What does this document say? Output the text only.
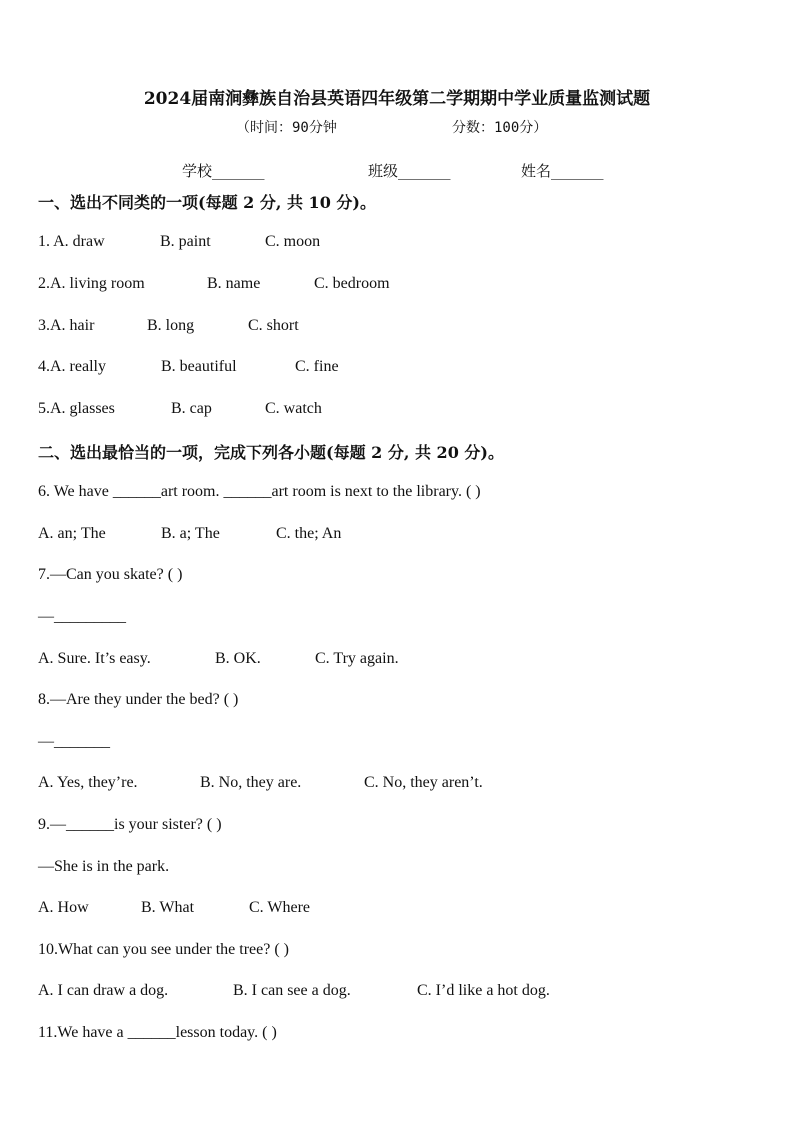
2024届南涧彝族自治县英语四年级第二学期期中学业质量监测试题
（时间：90分钟	分数：100分）
学校_______	班级_______	姓名_______
一、选出不同类的一项(每题 2 分, 共 10 分)。
1. A. draw	B. paint	C. moon
2.A. living room	B. name	C. bedroom
3.A. hair	B. long	C. short
4.A. really	B. beautiful	C. fine
5.A. glasses	B. cap	C. watch
二、选出最恰当的一项，完成下列各小题(每题 2 分, 共 20 分)。
6. We have ______art room. ______art room is next to the library. ( )
A. an; The	B. a; The	C. the; An
7.—Can you skate? ( )
—_________
A. Sure. It’s easy.	B. OK.	C. Try again.
8.—Are they under the bed? ( )
—_______
A. Yes, they’re.	B. No, they are.	C. No, they aren’t.
9.—______is your sister? ( )
—She is in the park.
A. How	B. What	C. Where
10.What can you see under the tree? ( )
A. I can draw a dog.	B. I can see a dog.	C. I’d like a hot dog.
11.We have a ______lesson today. ( )
